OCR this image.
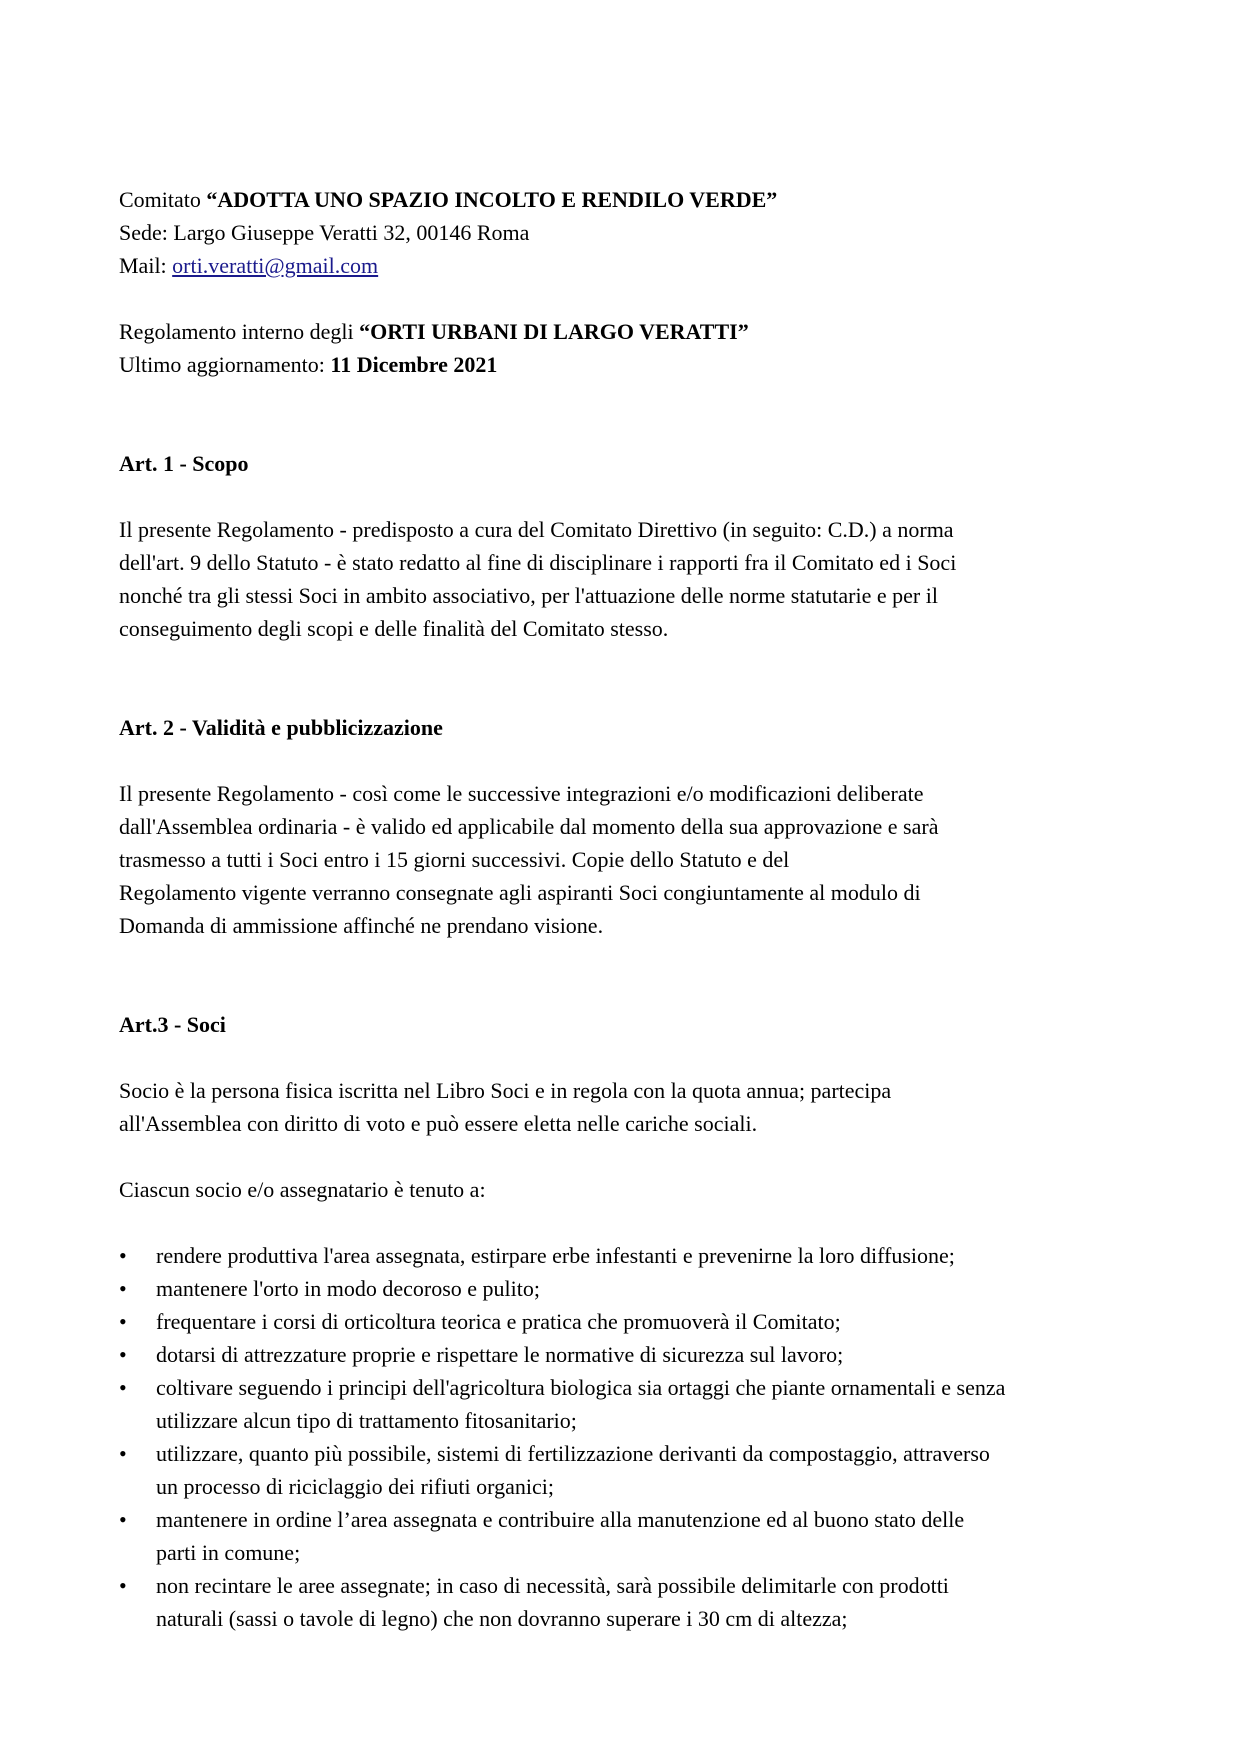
Comitato “ADOTTA UNO SPAZIO INCOLTO E RENDILO VERDE”
Sede: Largo Giuseppe Veratti 32, 00146 Roma
Mail: orti.veratti@gmail.com
Regolamento interno degli “ORTI URBANI DI LARGO VERATTI”
Ultimo aggiornamento: 11 Dicembre 2021
Art. 1 - Scopo
Il presente Regolamento - predisposto a cura del Comitato Direttivo (in seguito: C.D.) a norma
dell'art. 9 dello Statuto - è stato redatto al fine di disciplinare i rapporti fra il Comitato ed i Soci
nonché tra gli stessi Soci in ambito associativo, per l'attuazione delle norme statutarie e per il
conseguimento degli scopi e delle finalità del Comitato stesso.
Art. 2 - Validità e pubblicizzazione
Il presente Regolamento - così come le successive integrazioni e/o modificazioni deliberate
dall'Assemblea ordinaria - è valido ed applicabile dal momento della sua approvazione e sarà
trasmesso a tutti i Soci entro i 15 giorni successivi. Copie dello Statuto e del
Regolamento vigente verranno consegnate agli aspiranti Soci congiuntamente al modulo di
Domanda di ammissione affinché ne prendano visione.
Art.3 - Soci
Socio è la persona fisica iscritta nel Libro Soci e in regola con la quota annua; partecipa
all'Assemblea con diritto di voto e può essere eletta nelle cariche sociali.
Ciascun socio e/o assegnatario è tenuto a:
• rendere produttiva l'area assegnata, estirpare erbe infestanti e prevenirne la loro diffusione;
• mantenere l'orto in modo decoroso e pulito;
• frequentare i corsi di orticoltura teorica e pratica che promuoverà il Comitato;
• dotarsi di attrezzature proprie e rispettare le normative di sicurezza sul lavoro;
• coltivare seguendo i principi dell'agricoltura biologica sia ortaggi che piante ornamentali e senza
utilizzare alcun tipo di trattamento fitosanitario;
• utilizzare, quanto più possibile, sistemi di fertilizzazione derivanti da compostaggio, attraverso
un processo di riciclaggio dei rifiuti organici;
• mantenere in ordine l’area assegnata e contribuire alla manutenzione ed al buono stato delle
parti in comune;
• non recintare le aree assegnate; in caso di necessità, sarà possibile delimitarle con prodotti
naturali (sassi o tavole di legno) che non dovranno superare i 30 cm di altezza;
